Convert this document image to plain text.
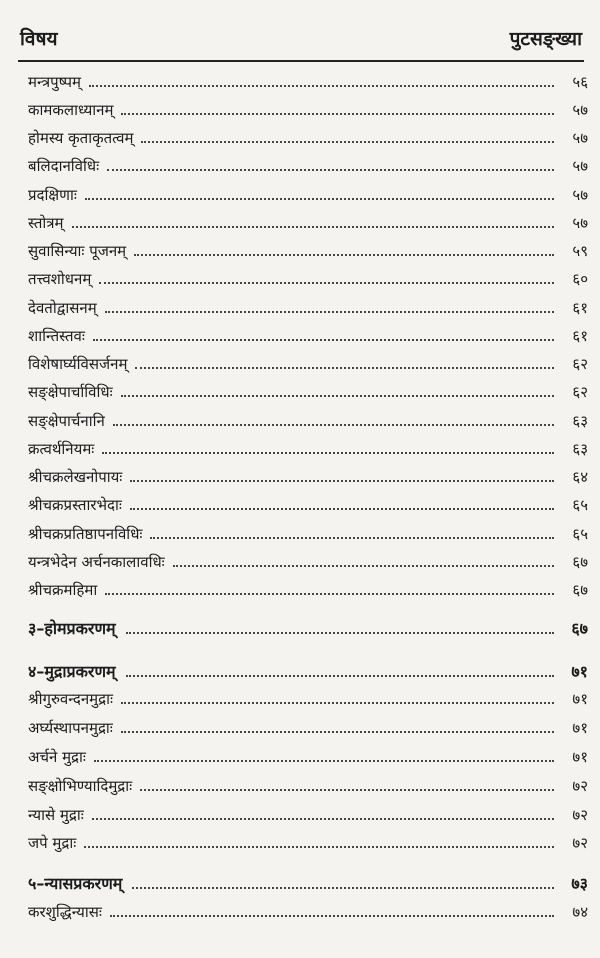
विषय	पुटसङ्ख्या
मन्त्रपुष्पम्	५६
कामकलाध्यानम्	५७
होमस्य कृताकृतत्वम्	५७
बलिदानविधिः	५७
प्रदक्षिणाः	५७
स्तोत्रम्	५७
सुवासिन्याः पूजनम्	५९
तत्त्वशोधनम्	६०
देवतोद्वासनम्	६१
शान्तिस्तवः	६१
विशेषार्घ्यविसर्जनम्	६२
सङ्क्षेपार्चाविधिः	६२
सङ्क्षेपार्चनानि	६३
क्रत्वर्थनियमः	६३
श्रीचक्रलेखनोपायः	६४
श्रीचक्रप्रस्तारभेदाः	६५
श्रीचक्रप्रतिष्ठापनविधिः	६५
यन्त्रभेदेन अर्चनकालावधिः	६७
श्रीचक्रमहिमा	६७
३–होमप्रकरणम्	६७
४–मुद्राप्रकरणम्	७१
श्रीगुरुवन्दनमुद्राः	७१
अर्घ्यस्थापनमुद्राः	७१
अर्चने मुद्राः	७१
सङ्क्षोभिण्यादिमुद्राः	७२
न्यासे मुद्राः	७२
जपे मुद्राः	७२
५–न्यासप्रकरणम्	७३
करशुद्धिन्यासः	७४
